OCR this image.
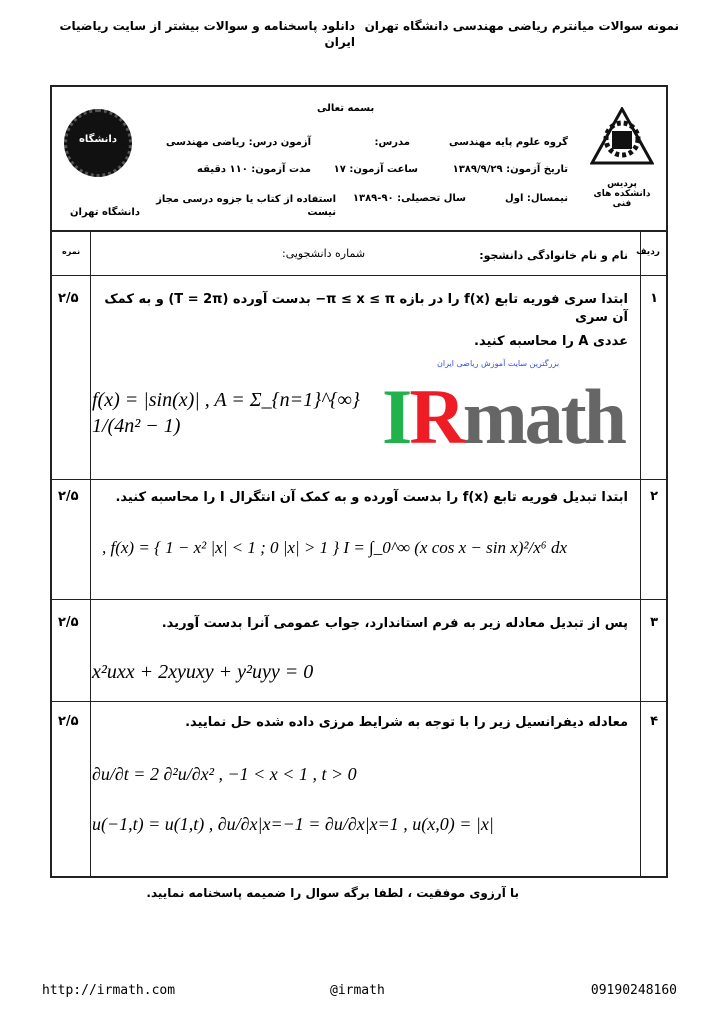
نمونه سوالات میانترم ریاضی مهندسی دانشگاه تهران
دانلود پاسخنامه و سوالات بیشتر از سایت ریاضیات ایران
بسمه تعالی
پردیس دانشکده های فنی
دانشگاه
دانشگاه تهران
گروه علوم پایه مهندسی
مدرس:
آزمون درس: ریاضی مهندسی
تاریخ آزمون: ۱۳۸۹/۹/۲۹
ساعت آزمون: ۱۷
مدت آزمون: ۱۱۰ دقیقه
نیمسال: اول
سال تحصیلی: ۹۰-۱۳۸۹
استفاده از کتاب یا جزوه درسی مجاز نیست
ردیف
نام و نام خانوادگی دانشجو:
شماره دانشجویی:
نمره
۱
۲/۵	ابتدا سری فوریه تابع f(x) را در بازه π ≤ x ≤ π− بدست آورده (T = 2π) و به کمک آن سری
عددی A را محاسبه کنید.
f(x) = |sin(x)| , A = Σ_{n=1}^{∞} 1/(4n² − 1)	IRmath
بزرگترین سایت آموزش ریاضی ایران
۲
۲/۵	ابتدا تبدیل فوریه تابع f(x) را بدست آورده و به کمک آن انتگرال I را محاسبه کنید.
, f(x) = { 1 − x² |x| < 1 ; 0 |x| > 1 } I = ∫_0^∞ (x cos x − sin x)²/x⁶ dx
۳
۲/۵	پس از تبدیل معادله زیر به فرم استاندارد، جواب عمومی آنرا بدست آورید.
x²uxx + 2xyuxy + y²uyy = 0
۴
۲/۵	معادله دیفرانسیل زیر را با توجه به شرایط مرزی داده شده حل نمایید.
∂u/∂t = 2 ∂²u/∂x² , −1 < x < 1 , t > 0
u(−1,t) = u(1,t) , ∂u/∂x|x=−1 = ∂u/∂x|x=1 , u(x,0) = |x|
با آرزوی موفقیت ، لطفا برگه سوال را ضمیمه پاسخنامه نمایید.
http://irmath.com	@irmath	09190248160
